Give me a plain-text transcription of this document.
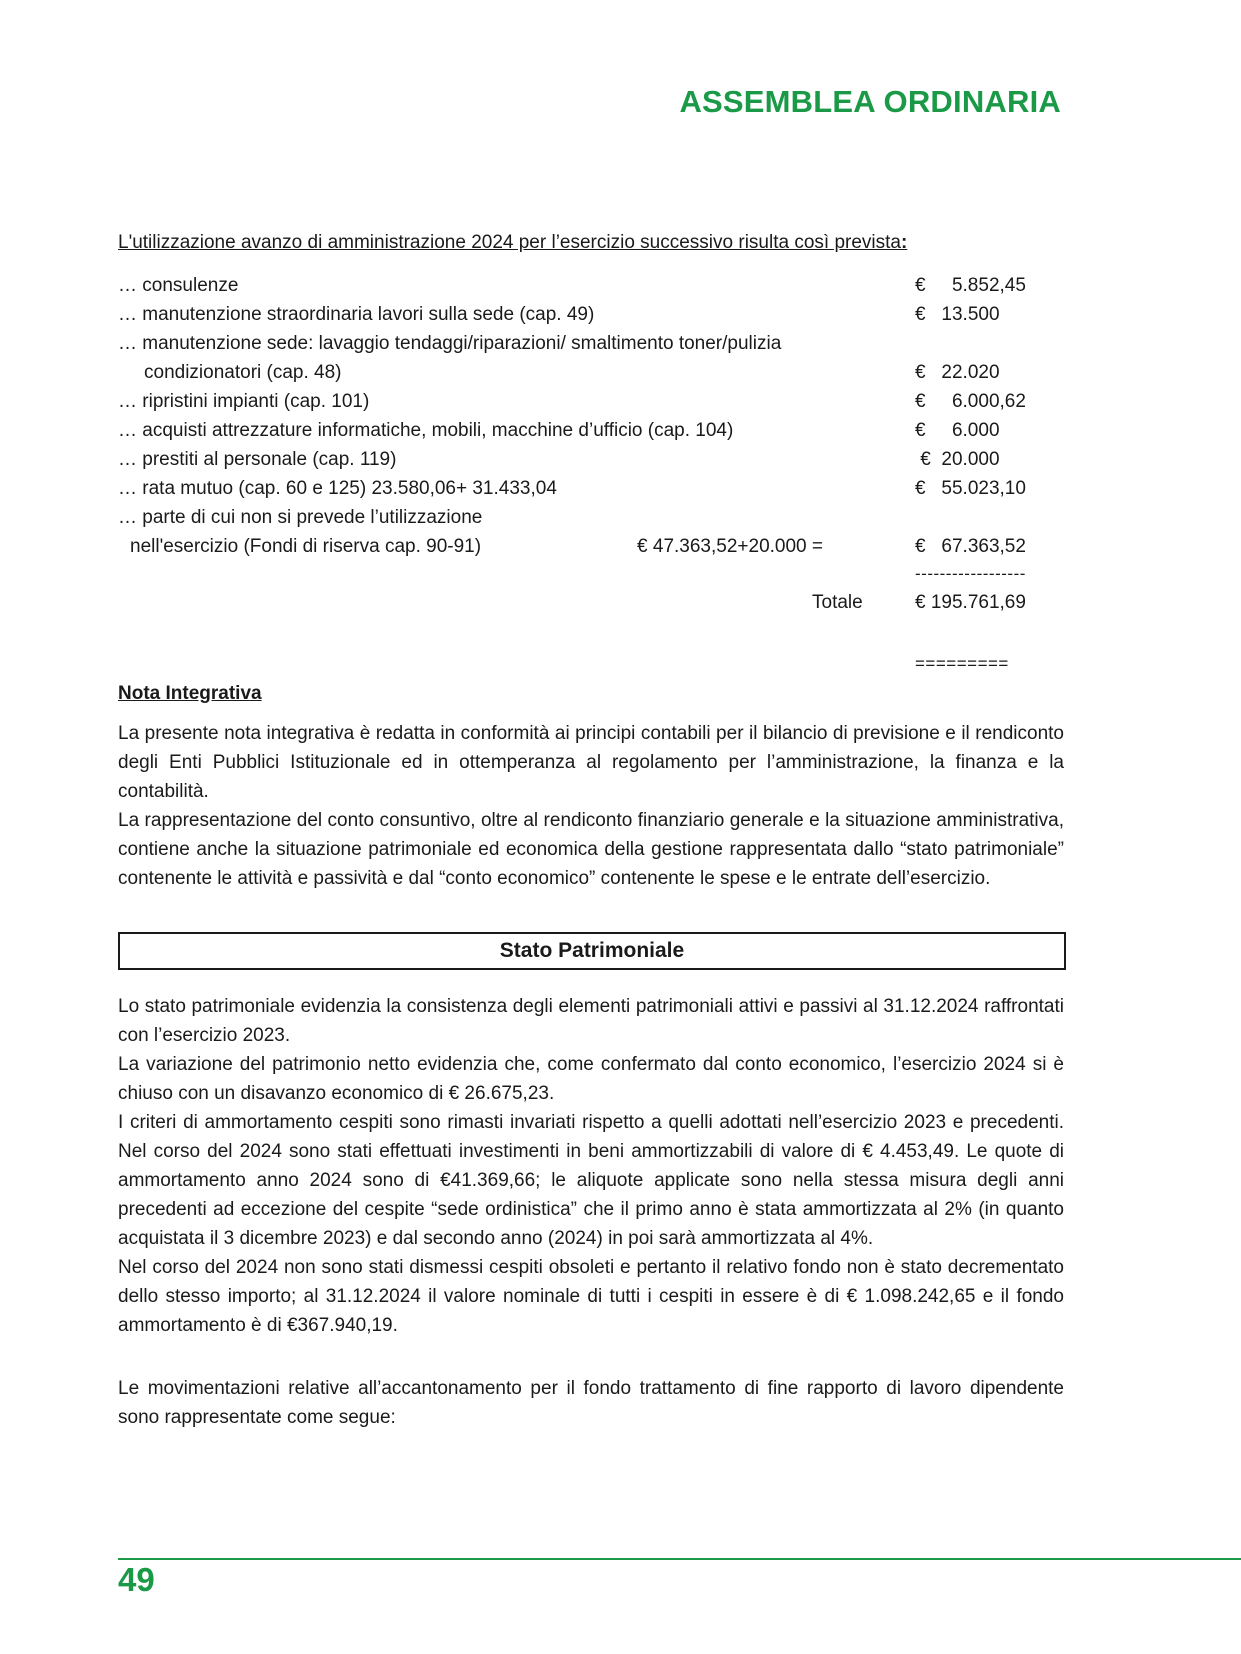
ASSEMBLEA ORDINARIA
L'utilizzazione avanzo di amministrazione 2024 per l’esercizio successivo risulta così prevista:
… consulenze	€     5.852,45
… manutenzione straordinaria lavori sulla sede (cap. 49)	€   13.500
… manutenzione sede: lavaggio tendaggi/riparazioni/ smaltimento toner/pulizia
condizionatori (cap. 48)	€   22.020
… ripristini impianti (cap. 101)	€     6.000,62
… acquisti attrezzature informatiche, mobili, macchine d’ufficio (cap. 104)	€     6.000
… prestiti al personale (cap. 119)	€  20.000
… rata mutuo (cap. 60 e 125) 23.580,06+ 31.433,04	€   55.023,10
… parte di cui non si prevede l’utilizzazione
nell'esercizio (Fondi di riserva cap. 90-91)	€ 47.363,52+20.000 =	€   67.363,52
------------------
Totale	€ 195.761,69
=========
Nota Integrativa

La presente nota integrativa è redatta in conformità ai principi contabili per il bilancio di previsione e il rendiconto degli Enti Pubblici Istituzionale ed in ottemperanza al regolamento per l’amministrazione, la finanza e la contabilità.

La rappresentazione del conto consuntivo, oltre al rendiconto finanziario generale e la situazione amministrativa, contiene anche la situazione patrimoniale ed economica della gestione rappresentata dallo “stato patrimoniale” contenente le attività e passività e dal “conto economico” contenente le spese e le entrate dell’esercizio.

Stato Patrimoniale

Lo stato patrimoniale evidenzia la consistenza degli elementi patrimoniali attivi e passivi al 31.12.2024 raffrontati con l’esercizio 2023.

La variazione del patrimonio netto evidenzia che, come confermato dal conto economico, l’esercizio 2024 si è chiuso con un disavanzo economico di € 26.675,23.

I criteri di ammortamento cespiti sono rimasti invariati rispetto a quelli adottati nell’esercizio 2023 e precedenti. Nel corso del 2024 sono stati effettuati investimenti in beni ammortizzabili di valore di € 4.453,49. Le quote di ammortamento anno 2024 sono di €41.369,66; le aliquote applicate sono nella stessa misura degli anni precedenti ad eccezione del cespite “sede ordinistica” che il primo anno è stata ammortizzata al 2% (in quanto acquistata il 3 dicembre 2023) e dal secondo anno (2024) in poi sarà ammortizzata al 4%.

Nel corso del 2024 non sono stati dismessi cespiti obsoleti e pertanto il relativo fondo non è stato decrementato dello stesso importo; al 31.12.2024 il valore nominale di tutti i cespiti in essere è di € 1.098.242,65 e il fondo ammortamento è di €367.940,19.

Le movimentazioni relative all’accantonamento per il fondo trattamento di fine rapporto di lavoro dipendente sono rappresentate come segue:

49
